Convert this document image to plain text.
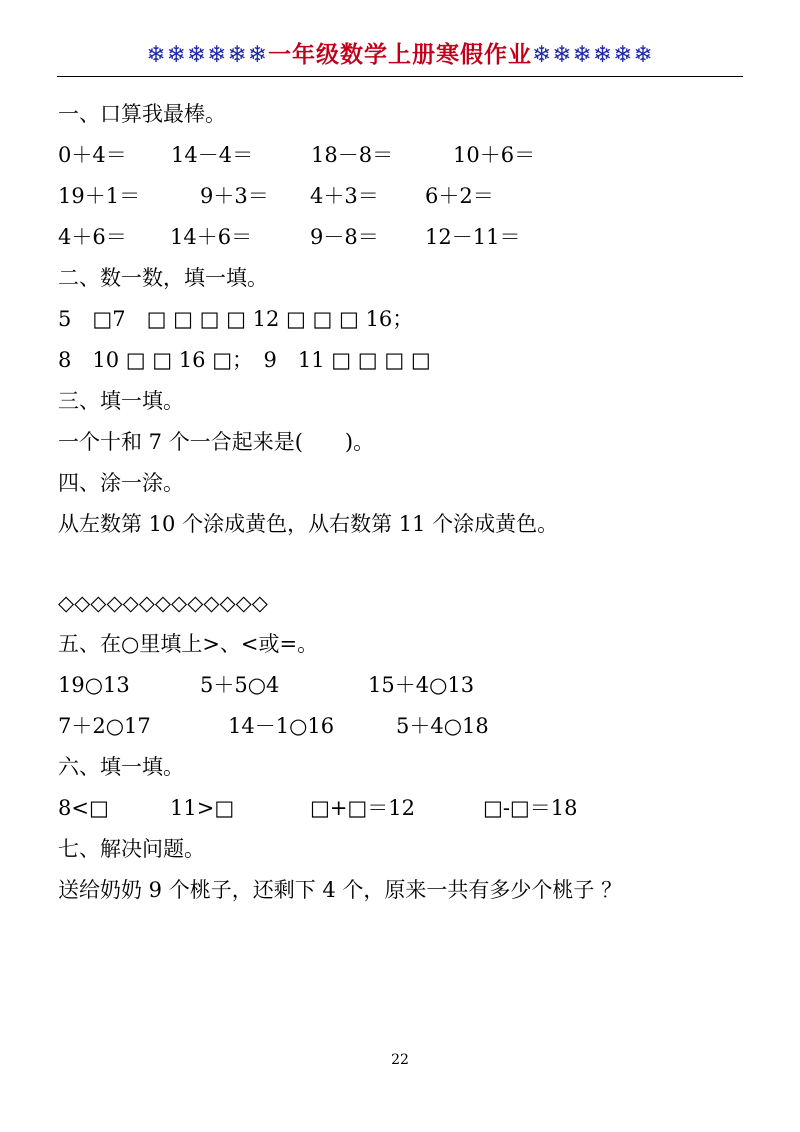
❄❄❄❄❄❄一年级数学上册寒假作业❄❄❄❄❄❄
一、口算我最棒。
0＋4＝ 14－4＝	18－8＝	10＋6＝
19＋1＝	9＋3＝ 4＋3＝ 6＋2＝
4＋6＝ 14＋6＝	9－8＝ 12－11＝
二、数一数，填一填。
5　□7　□ □ □ □ 12 □ □ □ 16；
8　10 □ □ 16 □；　9　11 □ □ □ □
三、填一填。
一个十和 7 个一合起来是(　　)。
四、涂一涂。
从左数第 10 个涂成黄色，从右数第 11 个涂成黄色。
◇◇◇◇◇◇◇◇◇◇◇◇◇
五、在○里填上>、<或=。
19○13	5＋5○4	15＋4○13
7＋2○17	14－1○16	5＋4○18
六、填一填。
8<□	11>□	□+□＝12	□-□＝18
七、解决问题。
送给奶奶 9 个桃子，还剩下 4 个，原来一共有多少个桃子 ？
22
